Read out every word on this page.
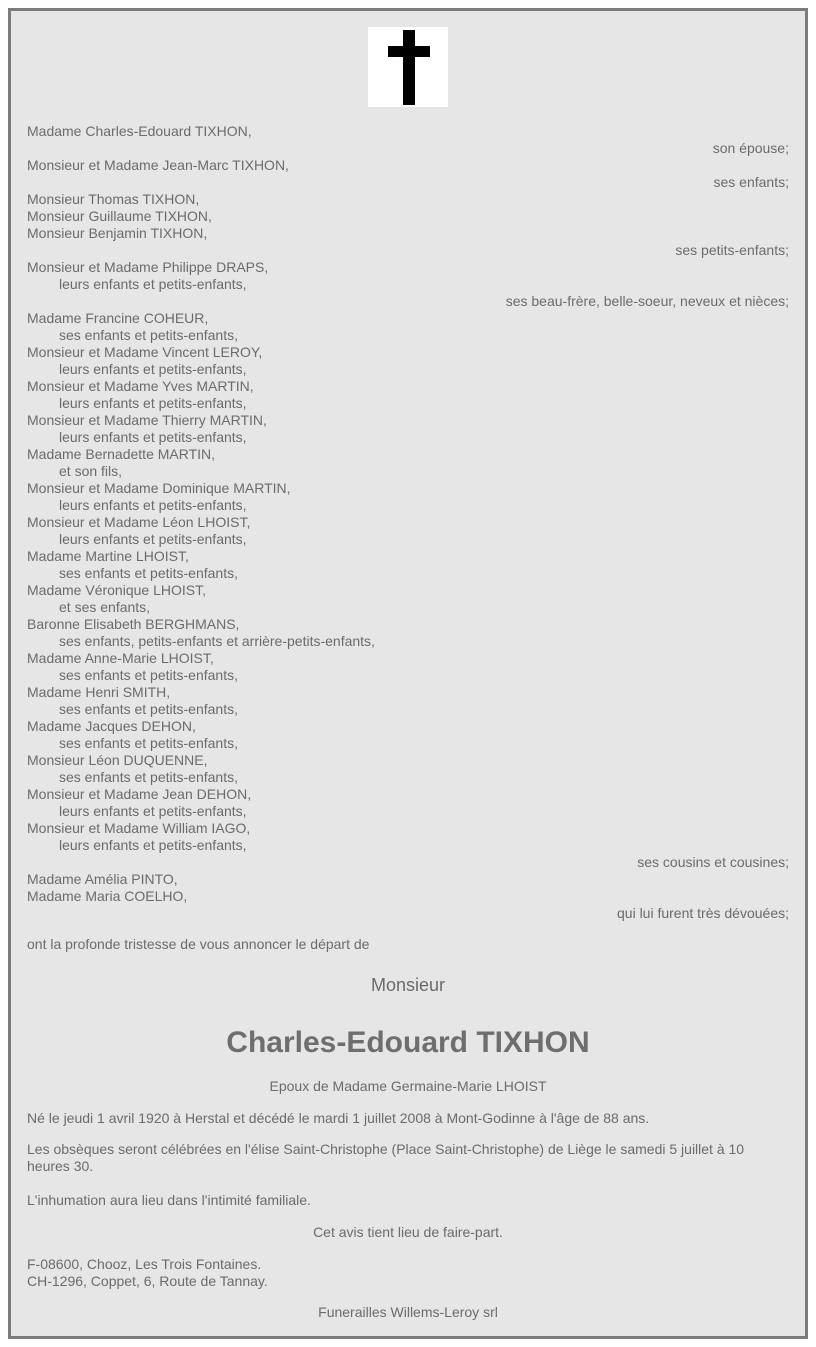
Madame Charles-Edouard TIXHON,
son épouse;
Monsieur et Madame Jean-Marc TIXHON,
ses enfants;
Monsieur Thomas TIXHON,
Monsieur Guillaume TIXHON,
Monsieur Benjamin TIXHON,
ses petits-enfants;
Monsieur et Madame Philippe DRAPS,
leurs enfants et petits-enfants,
ses beau-frère, belle-soeur, neveux et nièces;
Madame Francine COHEUR,
ses enfants et petits-enfants,
Monsieur et Madame Vincent LEROY,
leurs enfants et petits-enfants,
Monsieur et Madame Yves MARTIN,
leurs enfants et petits-enfants,
Monsieur et Madame Thierry MARTIN,
leurs enfants et petits-enfants,
Madame Bernadette MARTIN,
et son fils,
Monsieur et Madame Dominique MARTIN,
leurs enfants et petits-enfants,
Monsieur et Madame Léon LHOIST,
leurs enfants et petits-enfants,
Madame Martine LHOIST,
ses enfants et petits-enfants,
Madame Véronique LHOIST,
et ses enfants,
Baronne Elisabeth BERGHMANS,
ses enfants, petits-enfants et arrière-petits-enfants,
Madame Anne-Marie LHOIST,
ses enfants et petits-enfants,
Madame Henri SMITH,
ses enfants et petits-enfants,
Madame Jacques DEHON,
ses enfants et petits-enfants,
Monsieur Léon DUQUENNE,
ses enfants et petits-enfants,
Monsieur et Madame Jean DEHON,
leurs enfants et petits-enfants,
Monsieur et Madame William IAGO,
leurs enfants et petits-enfants,
ses cousins et cousines;
Madame Amélia PINTO,
Madame Maria COELHO,
qui lui furent très dévouées;
ont la profonde tristesse de vous annoncer le départ de
Monsieur
Charles-Edouard TIXHON
Epoux de Madame Germaine-Marie LHOIST
Né le jeudi 1 avril 1920 à Herstal et décédé le mardi 1 juillet 2008 à Mont-Godinne à l'âge de 88 ans.
Les obsèques seront célébrées en l'élise Saint-Christophe (Place Saint-Christophe) de Liège le samedi 5 juillet à 10 heures 30.
L'inhumation aura lieu dans l'intimité familiale.
Cet avis tient lieu de faire-part.
F-08600, Chooz, Les Trois Fontaines.
CH-1296, Coppet, 6, Route de Tannay.
Funerailles Willems-Leroy srl
